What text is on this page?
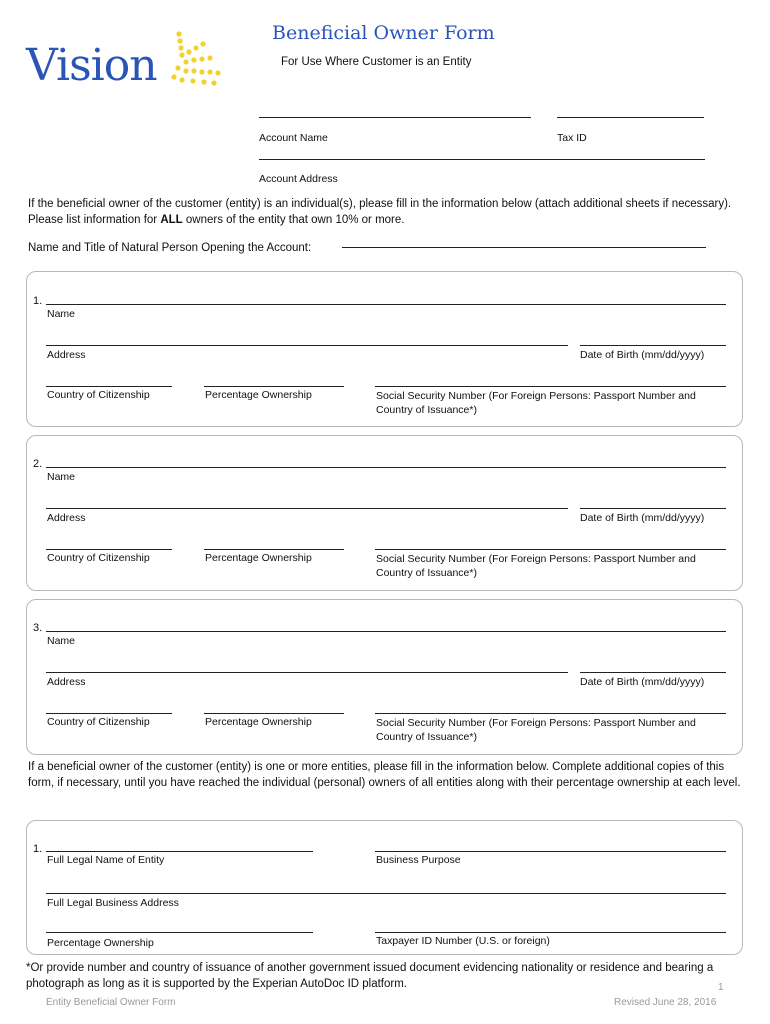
Vision
Beneficial Owner Form
For Use Where Customer is an Entity
Account Name	Tax ID
Account Address
If the beneficial owner of the customer (entity) is an individual(s), please fill in the information below (attach additional sheets if necessary). Please list information for ALL owners of the entity that own 10% or more.
Name and Title of Natural Person Opening the Account:
1.
Name
Address	Date of Birth (mm/dd/yyyy)
Country of Citizenship	Percentage Ownership	Social Security Number (For Foreign Persons: Passport Number and Country of Issuance*)
2.
Name
Address	Date of Birth (mm/dd/yyyy)
Country of Citizenship	Percentage Ownership	Social Security Number (For Foreign Persons: Passport Number and Country of Issuance*)
3.
Name
Address	Date of Birth (mm/dd/yyyy)
Country of Citizenship	Percentage Ownership	Social Security Number (For Foreign Persons: Passport Number and Country of Issuance*)
If a beneficial owner of the customer (entity) is one or more entities, please fill in the information below. Complete additional copies of this form, if necessary, until you have reached the individual (personal) owners of all entities along with their percentage ownership at each level.
1.
Full Legal Name of Entity	Business Purpose
Full Legal Business Address
Percentage Ownership	Taxpayer ID Number (U.S. or foreign)
*Or provide number and country of issuance of another government issued document evidencing nationality or residence and bearing a photograph as long as it is supported by the Experian AutoDoc ID platform.	1
Entity Beneficial Owner Form	Revised June 28, 2016
